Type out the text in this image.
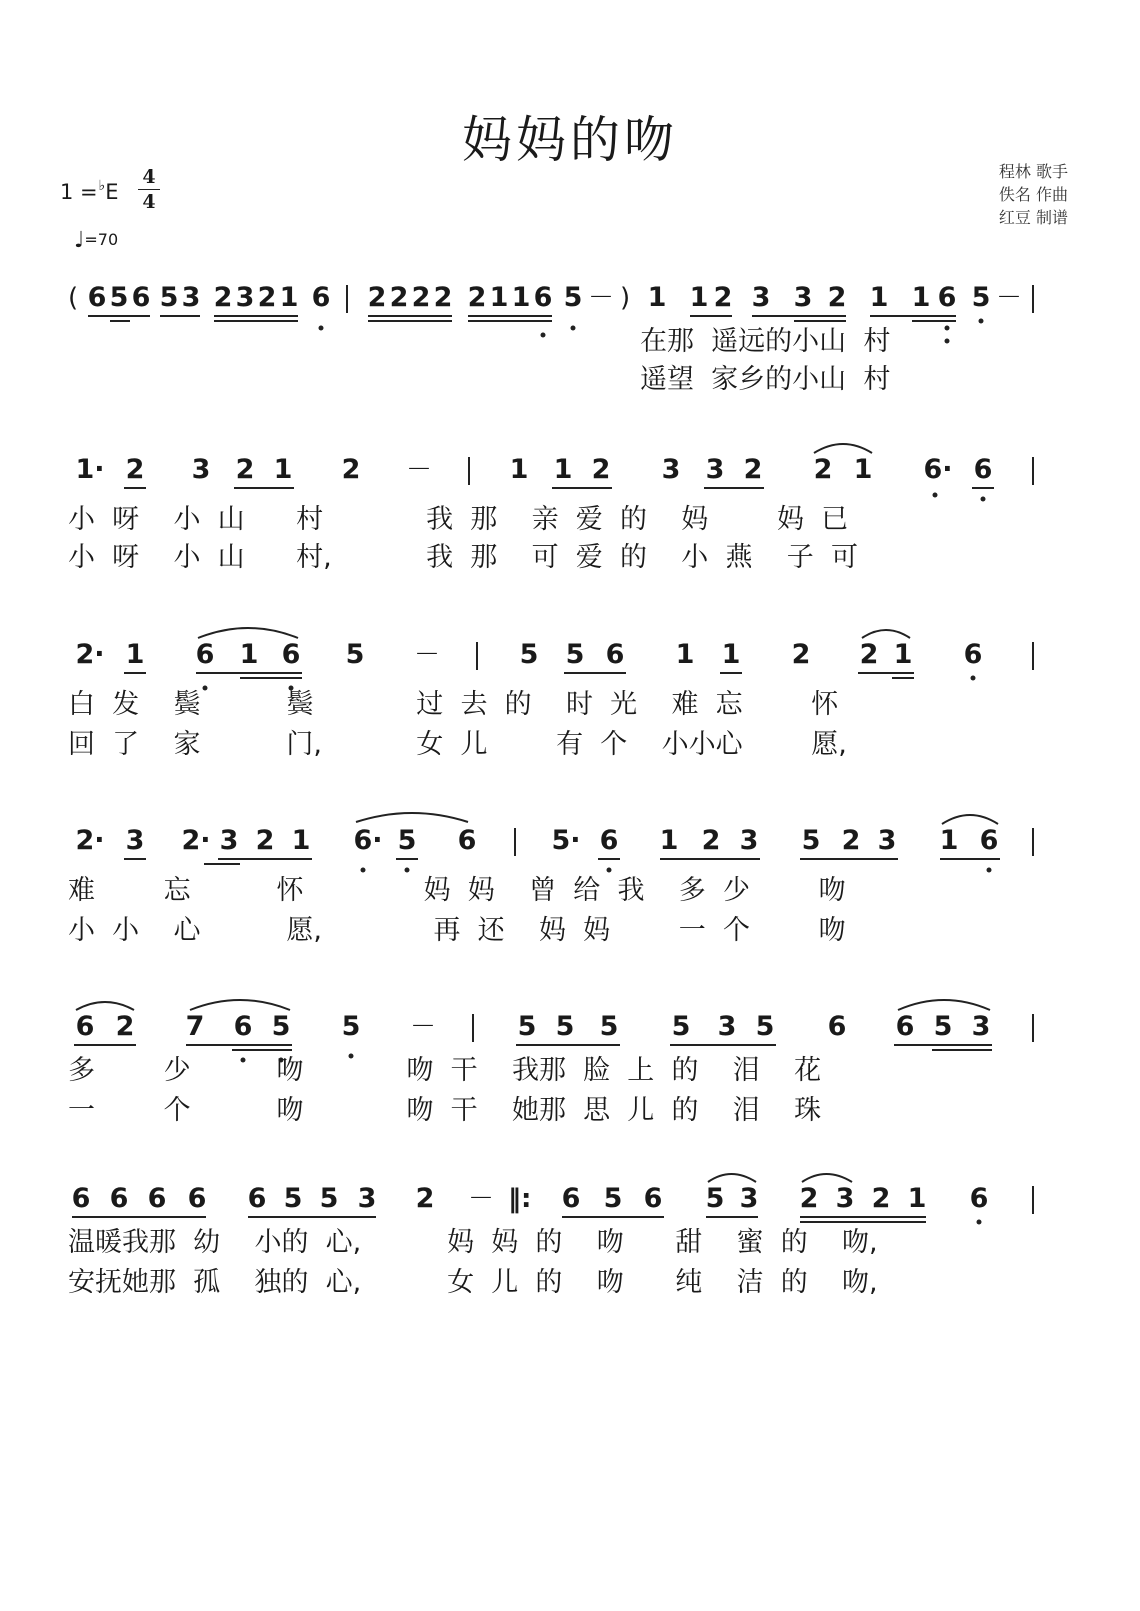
妈妈的吻
程林 歌手
佚名 作曲
红豆 制谱
1 =♭E
4
4
♩=70
( 6 5 6 5 3 2 3 2 1 6 2 2 2 2 2 1 1 6 5 － ) 1 1 2 3 3 2 1 1 6 5 －
在那  遥远的小山  村
遥望  家乡的小山  村
1· 2 3 2 1 2 －	1 1 2 3 3 2 2 1 6· 6
小  呀    小  山      村            我  那    亲  爱  的    妈        妈  已
小  呀    小  山      村,           我  那    可  爱  的    小  燕    子  可
2· 1 6 1 6 5 －	5 5 6 1 1 2 2 1 6
白  发    鬓          鬓            过  去  的    时  光    难  忘        怀
回  了    家          门,           女  儿        有  个    小小心        愿,
2· 3 2· 3 2 1 6· 5 6	5· 6 1 2 3 5 2 3 1 6
难        忘          怀              妈  妈    曾  给  我    多  少        吻
小  小    心          愿,             再  还    妈  妈        一  个        吻
6 2 7 6 5 5 －	5 5 5 5 3 5 6 6 5 3
多        少          吻            吻  干    我那  脸  上  的    泪    花
一        个          吻            吻  干    她那  思  儿  的    泪    珠
6 6 6 6 6 5 5 3 2 － ‖: 6 5 6 5 3 2 3 2 1 6
温暖我那  幼    小的  心,          妈  妈  的    吻      甜    蜜  的    吻,
安抚她那  孤    独的  心,          女  儿  的    吻      纯    洁  的    吻,
